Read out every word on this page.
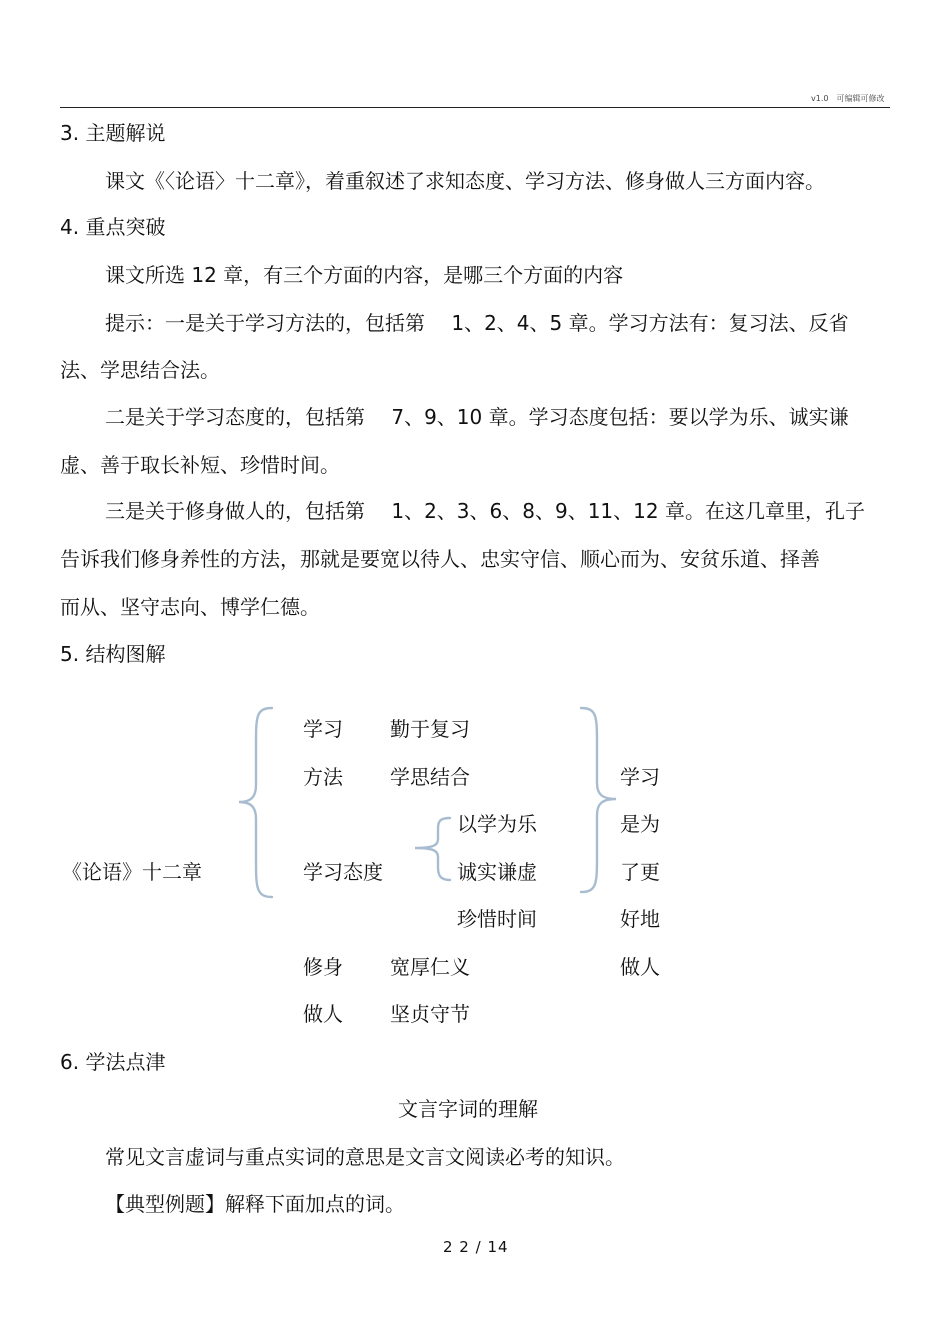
v1.0　可编辑可修改
3. 主题解说
课文《〈论语〉十二章》，着重叙述了求知态度、学习方法、修身做人三方面内容。
4. 重点突破
课文所选 12 章，有三个方面的内容，是哪三个方面的内容
提示：一是关于学习方法的，包括第　 1、2、4、5 章。学习方法有：复习法、反省
法、学思结合法。
二是关于学习态度的，包括第　 7、9、10 章。学习态度包括：要以学为乐、诚实谦
虚、善于取长补短、珍惜时间。
三是关于修身做人的，包括第　 1、2、3、6、8、9、11、12 章。在这几章里，孔子
告诉我们修身养性的方法，那就是要宽以待人、忠实守信、顺心而为、安贫乐道、择善
而从、坚守志向、博学仁德。
5. 结构图解
《论语》十二章
学习
方法
勤于复习
学思结合
学习态度
以学为乐
诚实谦虚
珍惜时间
修身
做人
宽厚仁义
坚贞守节
学习
是为
了更
好地
做人
6. 学法点津
文言字词的理解
常见文言虚词与重点实词的意思是文言文阅读必考的知识。
【典型例题】解释下面加点的词。
2 2 / 14
